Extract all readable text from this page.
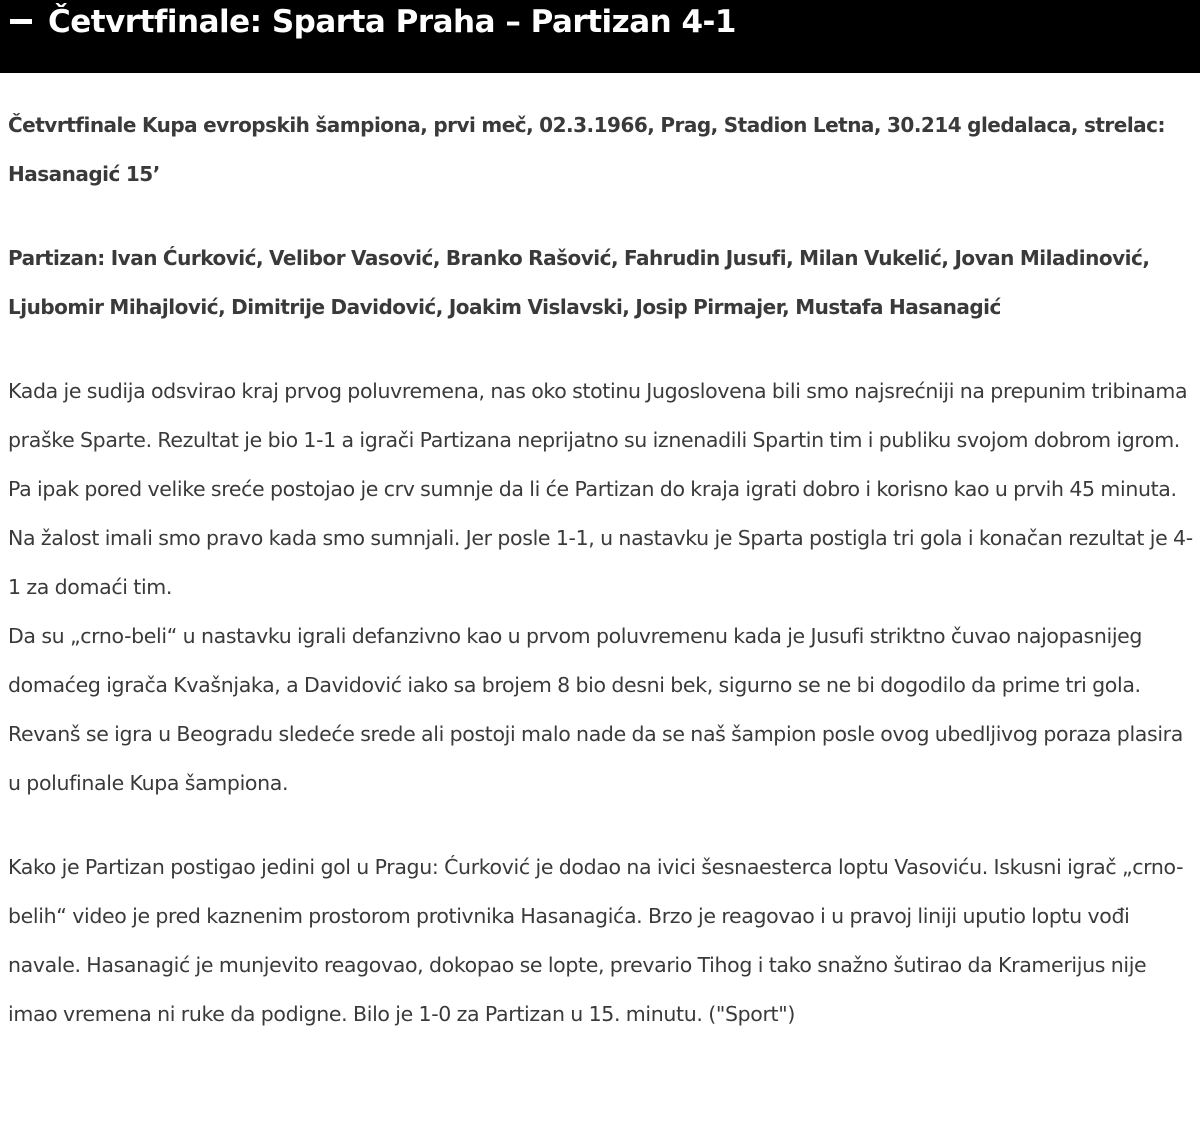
Četvrtfinale: Sparta Praha – Partizan 4-1

Četvrtfinale Kupa evropskih šampiona, prvi meč, 02.3.1966, Prag, Stadion Letna, 30.214 gledalaca, strelac: Hasanagić 15’

Partizan: Ivan Ćurković, Velibor Vasović, Branko Rašović, Fahrudin Jusufi, Milan Vukelić, Jovan Miladinović, Ljubomir Mihajlović, Dimitrije Davidović, Joakim Vislavski, Josip Pirmajer, Mustafa Hasanagić

Kada je sudija odsvirao kraj prvog poluvremena, nas oko stotinu Jugoslovena bili smo najsrećniji na prepunim tribinama praške Sparte. Rezultat je bio 1-1 a igrači Partizana neprijatno su iznenadili Spartin tim i publiku svojom dobrom igrom. Pa ipak pored velike sreće postojao je crv sumnje da li će Partizan do kraja igrati dobro i korisno kao u prvih 45 minuta. Na žalost imali smo pravo kada smo sumnjali. Jer posle 1-1, u nastavku je Sparta postigla tri gola i konačan rezultat je 4-1 za domaći tim.

Da su „crno-beli“ u nastavku igrali defanzivno kao u prvom poluvremenu kada je Jusufi striktno čuvao najopasnijeg domaćeg igrača Kvašnjaka, a Davidović iako sa brojem 8 bio desni bek, sigurno se ne bi dogodilo da prime tri gola. Revanš se igra u Beogradu sledeće srede ali postoji malo nade da se naš šampion posle ovog ubedljivog poraza plasira u polufinale Kupa šampiona.

Kako je Partizan postigao jedini gol u Pragu: Ćurković je dodao na ivici šesnaesterca loptu Vasoviću. Iskusni igrač „crno-belih“ video je pred kaznenim prostorom protivnika Hasanagića. Brzo je reagovao i u pravoj liniji uputio loptu vođi navale. Hasanagić je munjevito reagovao, dokopao se lopte, prevario Tihog i tako snažno šutirao da Kramerijus nije imao vremena ni ruke da podigne. Bilo je 1-0 za Partizan u 15. minutu. ("Sport")
